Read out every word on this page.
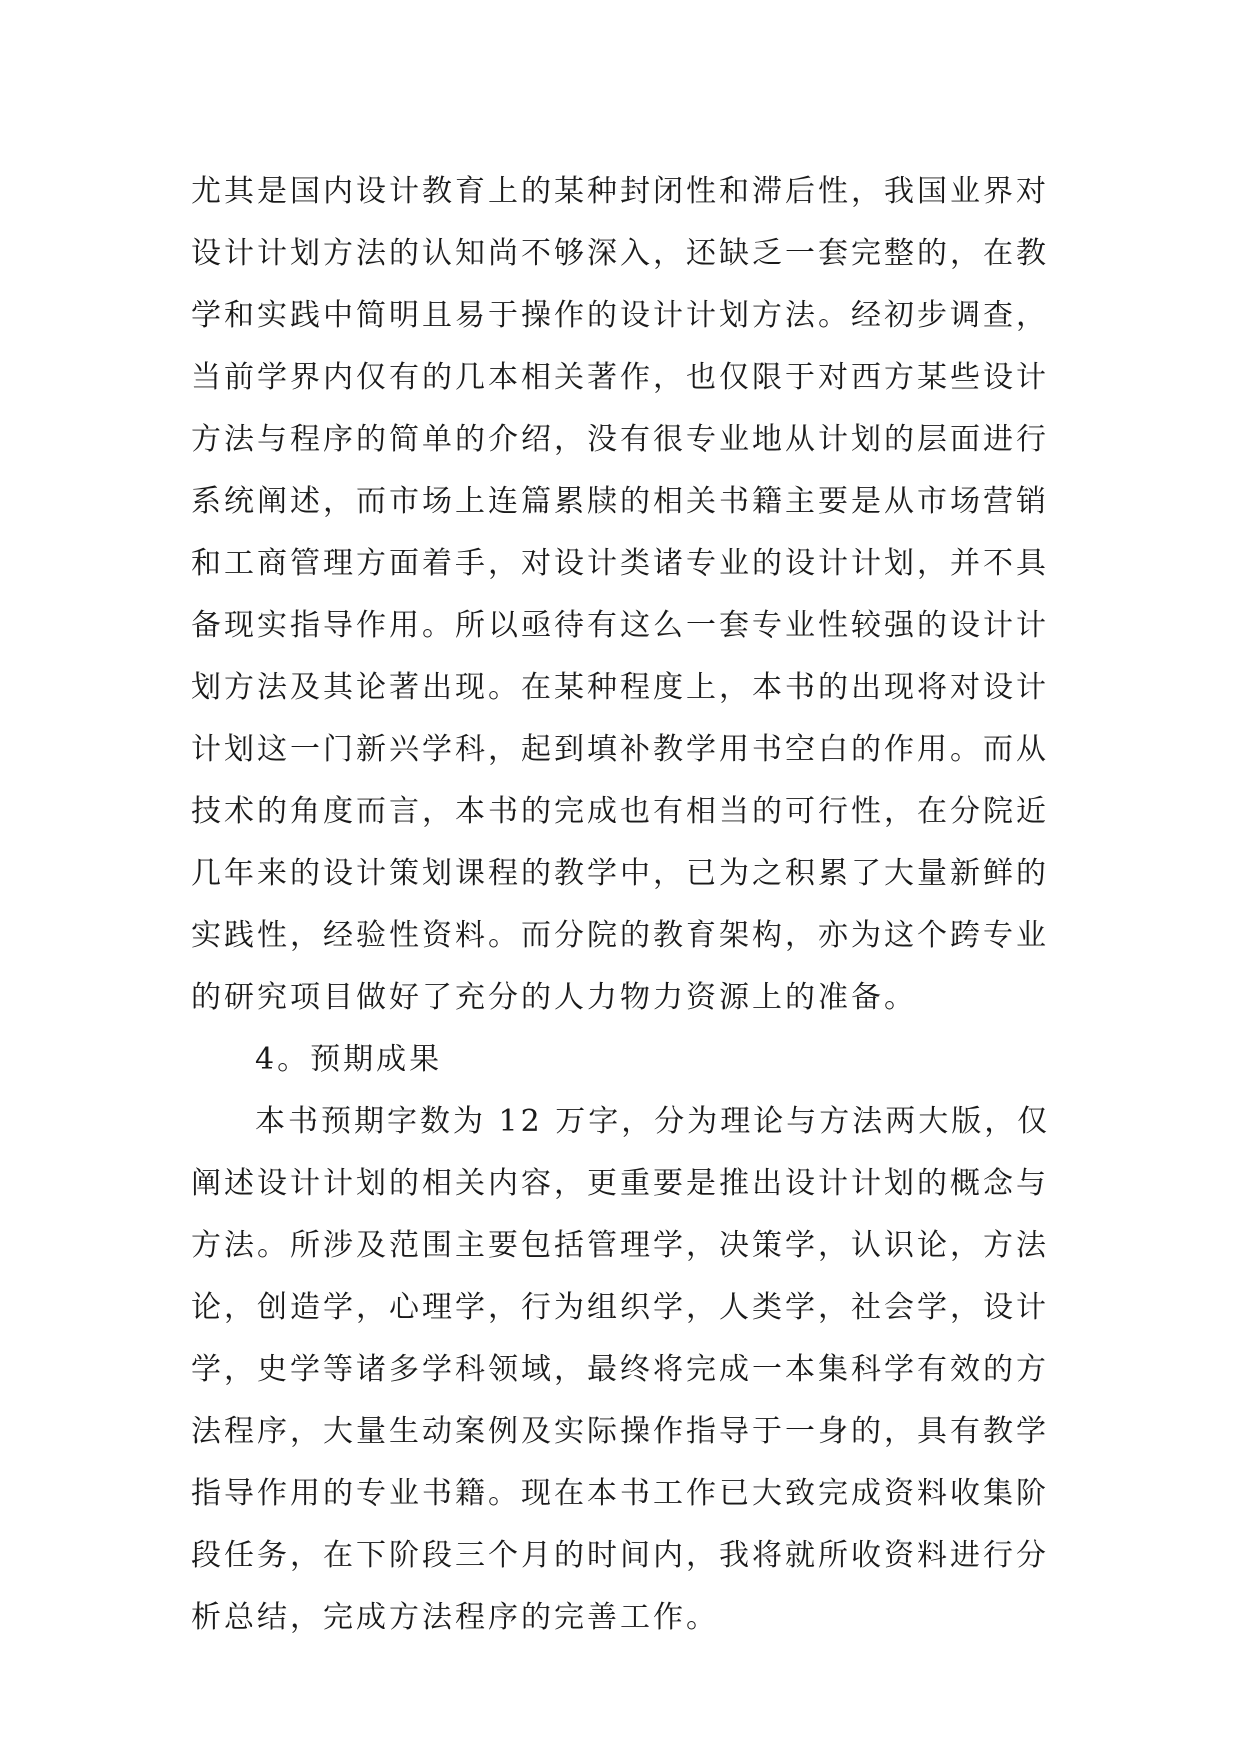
尤其是国内设计教育上的某种封闭性和滞后性，我国业界对
设计计划方法的认知尚不够深入，还缺乏一套完整的，在教
学和实践中简明且易于操作的设计计划方法。经初步调查，
当前学界内仅有的几本相关著作，也仅限于对西方某些设计
方法与程序的简单的介绍，没有很专业地从计划的层面进行
系统阐述，而市场上连篇累牍的相关书籍主要是从市场营销
和工商管理方面着手，对设计类诸专业的设计计划，并不具
备现实指导作用。所以亟待有这么一套专业性较强的设计计
划方法及其论著出现。在某种程度上，本书的出现将对设计
计划这一门新兴学科，起到填补教学用书空白的作用。而从
技术的角度而言，本书的完成也有相当的可行性，在分院近
几年来的设计策划课程的教学中，已为之积累了大量新鲜的
实践性，经验性资料。而分院的教育架构，亦为这个跨专业
的研究项目做好了充分的人力物力资源上的准备。
4。预期成果
本书预期字数为 12 万字，分为理论与方法两大版，仅
阐述设计计划的相关内容，更重要是推出设计计划的概念与
方法。所涉及范围主要包括管理学，决策学，认识论，方法
论，创造学，心理学，行为组织学，人类学，社会学，设计
学，史学等诸多学科领域，最终将完成一本集科学有效的方
法程序，大量生动案例及实际操作指导于一身的，具有教学
指导作用的专业书籍。现在本书工作已大致完成资料收集阶
段任务，在下阶段三个月的时间内，我将就所收资料进行分
析总结，完成方法程序的完善工作。
